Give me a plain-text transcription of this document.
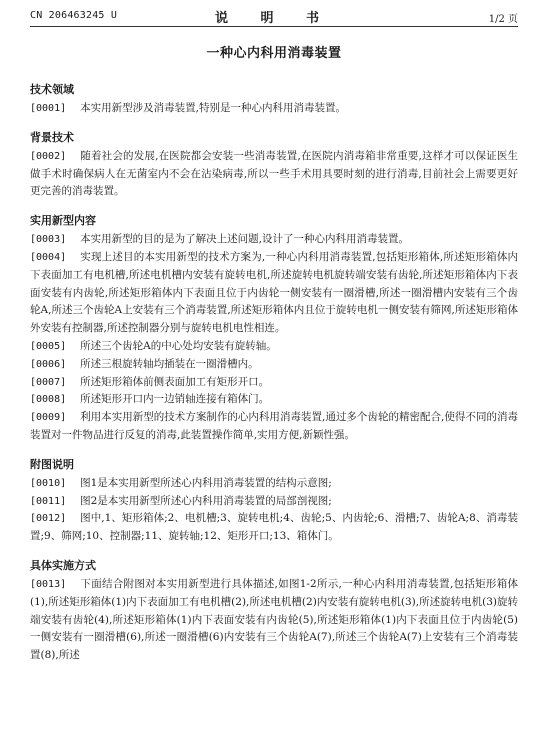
CN 206463245 U	说 明 书	1/2 页
一种心内科用消毒装置
技术领域

[0001] 本实用新型涉及消毒装置,特别是一种心内科用消毒装置。

背景技术

[0002] 随着社会的发展,在医院都会安装一些消毒装置,在医院内消毒箱非常重要,这样才可以保证医生做手术时确保病人在无菌室内不会在沾染病毒,所以一些手术用具要时刻的进行消毒,目前社会上需要更好更完善的消毒装置。

实用新型内容

[0003] 本实用新型的目的是为了解决上述问题,设计了一种心内科用消毒装置。

[0004] 实现上述目的本实用新型的技术方案为,一种心内科用消毒装置,包括矩形箱体,所述矩形箱体内下表面加工有电机槽,所述电机槽内安装有旋转电机,所述旋转电机旋转端安装有齿轮,所述矩形箱体内下表面安装有内齿轮,所述矩形箱体内下表面且位于内齿轮一侧安装有一圈滑槽,所述一圈滑槽内安装有三个齿轮A,所述三个齿轮A上安装有三个消毒装置,所述矩形箱体内且位于旋转电机一侧安装有筛网,所述矩形箱体外安装有控制器,所述控制器分别与旋转电机电性相连。

[0005] 所述三个齿轮A的中心处均安装有旋转轴。

[0006] 所述三根旋转轴均插装在一圈滑槽内。

[0007] 所述矩形箱体前侧表面加工有矩形开口。

[0008] 所述矩形开口内一边销轴连接有箱体门。

[0009] 利用本实用新型的技术方案制作的心内科用消毒装置,通过多个齿轮的精密配合,使得不同的消毒装置对一件物品进行反复的消毒,此装置操作简单,实用方便,新颖性强。

附图说明

[0010] 图1是本实用新型所述心内科用消毒装置的结构示意图;

[0011] 图2是本实用新型所述心内科用消毒装置的局部剖视图;

[0012] 图中,1、矩形箱体;2、电机槽;3、旋转电机;4、齿轮;5、内齿轮;6、滑槽;7、齿轮A;8、消毒装置;9、筛网;10、控制器;11、旋转轴;12、矩形开口;13、箱体门。

具体实施方式

[0013] 下面结合附图对本实用新型进行具体描述,如图1-2所示,一种心内科用消毒装置,包括矩形箱体(1),所述矩形箱体(1)内下表面加工有电机槽(2),所述电机槽(2)内安装有旋转电机(3),所述旋转电机(3)旋转端安装有齿轮(4),所述矩形箱体(1)内下表面安装有内齿轮(5),所述矩形箱体(1)内下表面且位于内齿轮(5)一侧安装有一圈滑槽(6),所述一圈滑槽(6)内安装有三个齿轮A(7),所述三个齿轮A(7)上安装有三个消毒装置(8),所述
